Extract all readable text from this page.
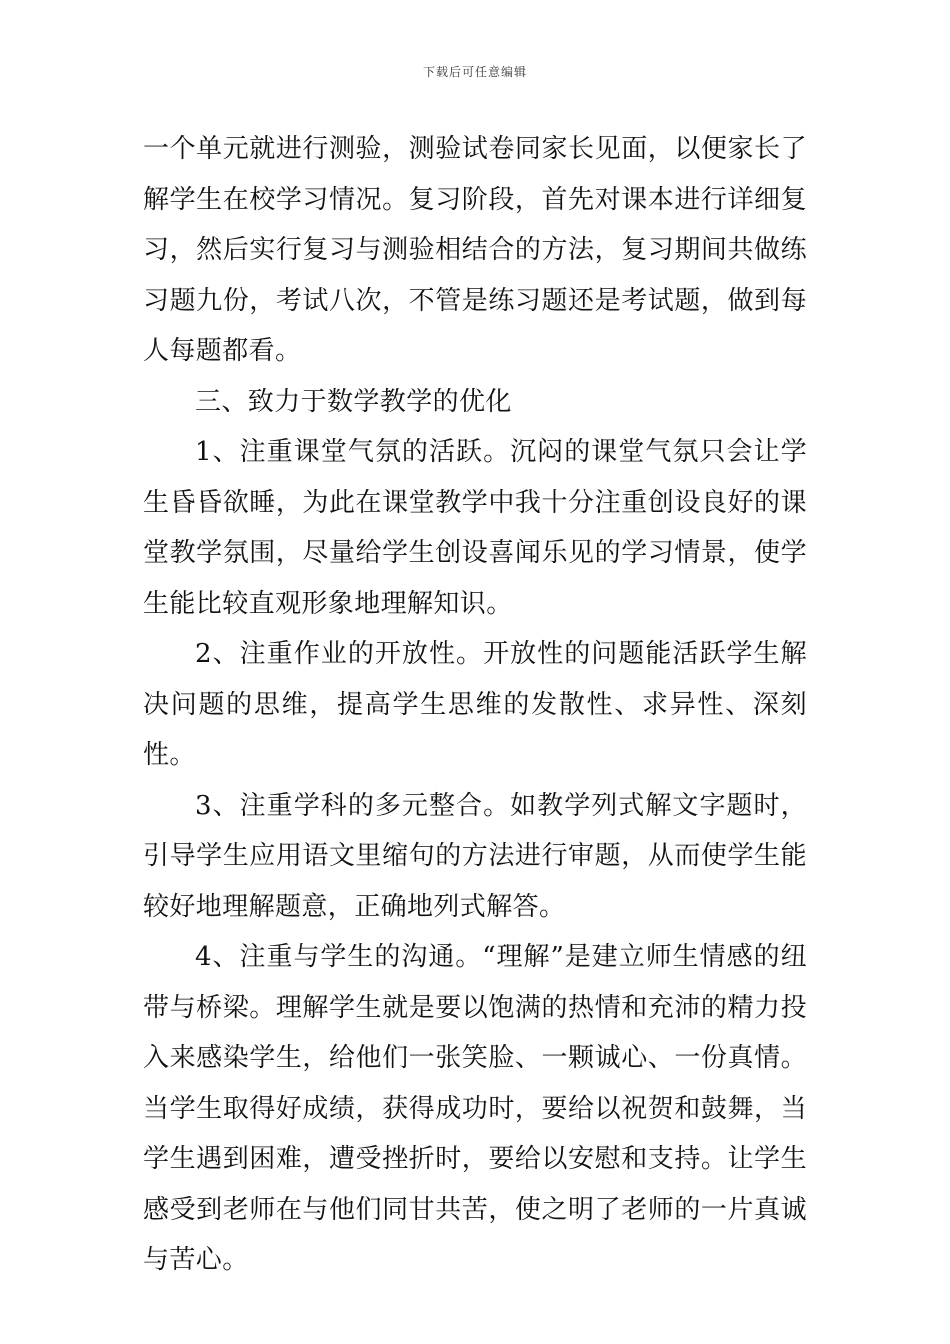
下载后可任意编辑

一个单元就进行测验，测验试卷同家长见面，以便家长了解学生在校学习情况。复习阶段，首先对课本进行详细复习，然后实行复习与测验相结合的方法，复习期间共做练习题九份，考试八次，不管是练习题还是考试题，做到每人每题都看。

三、致力于数学教学的优化

1、注重课堂气氛的活跃。沉闷的课堂气氛只会让学生昏昏欲睡，为此在课堂教学中我十分注重创设良好的课堂教学氛围，尽量给学生创设喜闻乐见的学习情景，使学生能比较直观形象地理解知识。

2、注重作业的开放性。开放性的问题能活跃学生解决问题的思维，提高学生思维的发散性、求异性、深刻性。

3、注重学科的多元整合。如教学列式解文字题时，引导学生应用语文里缩句的方法进行审题，从而使学生能较好地理解题意，正确地列式解答。

4、注重与学生的沟通。“理解”是建立师生情感的纽带与桥梁。理解学生就是要以饱满的热情和充沛的精力投入来感染学生，给他们一张笑脸、一颗诚心、一份真情。当学生取得好成绩，获得成功时，要给以祝贺和鼓舞，当学生遇到困难，遭受挫折时，要给以安慰和支持。让学生感受到老师在与他们同甘共苦，使之明了老师的一片真诚与苦心。
